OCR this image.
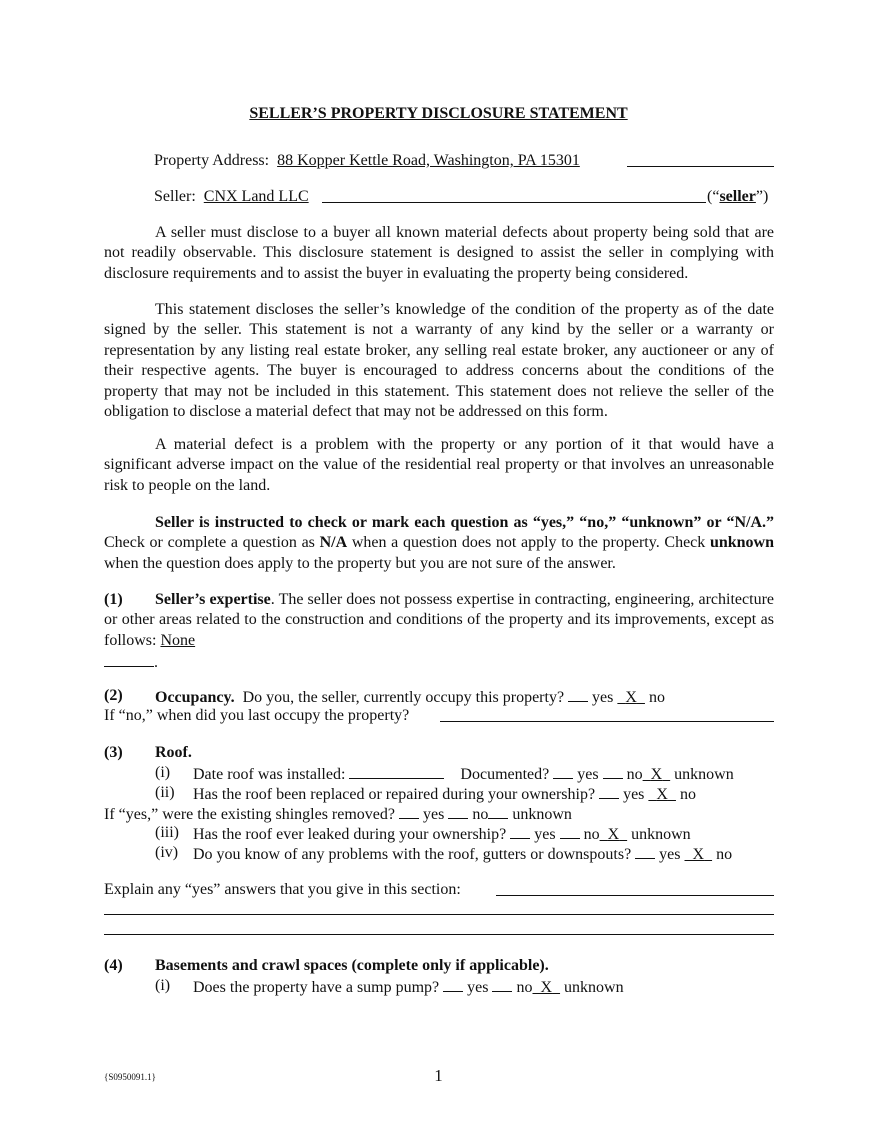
SELLER’S PROPERTY DISCLOSURE STATEMENT
Property Address: 88 Kopper Kettle Road, Washington, PA 15301
Seller: CNX Land LLC	(“seller”)
A seller must disclose to a buyer all known material defects about property being sold that are not readily observable. This disclosure statement is designed to assist the seller in complying with disclosure requirements and to assist the buyer in evaluating the property being considered.
This statement discloses the seller’s knowledge of the condition of the property as of the date signed by the seller. This statement is not a warranty of any kind by the seller or a warranty or representation by any listing real estate broker, any selling real estate broker, any auctioneer or any of their respective agents. The buyer is encouraged to address concerns about the conditions of the property that may not be included in this statement. This statement does not relieve the seller of the obligation to disclose a material defect that may not be addressed on this form.
A material defect is a problem with the property or any portion of it that would have a significant adverse impact on the value of the residential real property or that involves an unreasonable risk to people on the land.
Seller is instructed to check or mark each question as “yes,” “no,” “unknown” or “N/A.” Check or complete a question as N/A when a question does not apply to the property. Check unknown when the question does apply to the property but you are not sure of the answer.
(1)	Seller’s expertise. The seller does not possess expertise in contracting, engineering, architecture or other areas related to the construction and conditions of the property and its improvements, except as follows: None
.
(2) Occupancy. Do you, the seller, currently occupy this property? yes X no
If “no,” when did you last occupy the property?
(3) Roof.
(i) Date roof was installed:	Documented? yes no X unknown
(ii) Has the roof been replaced or repaired during your ownership? yes X no
If “yes,” were the existing shingles removed? yes no unknown
(iii) Has the roof ever leaked during your ownership? yes no X unknown
(iv) Do you know of any problems with the roof, gutters or downspouts? yes X no
Explain any “yes” answers that you give in this section:
(4) Basements and crawl spaces (complete only if applicable).
(i) Does the property have a sump pump? yes no X unknown
{S0950091.1}	1
